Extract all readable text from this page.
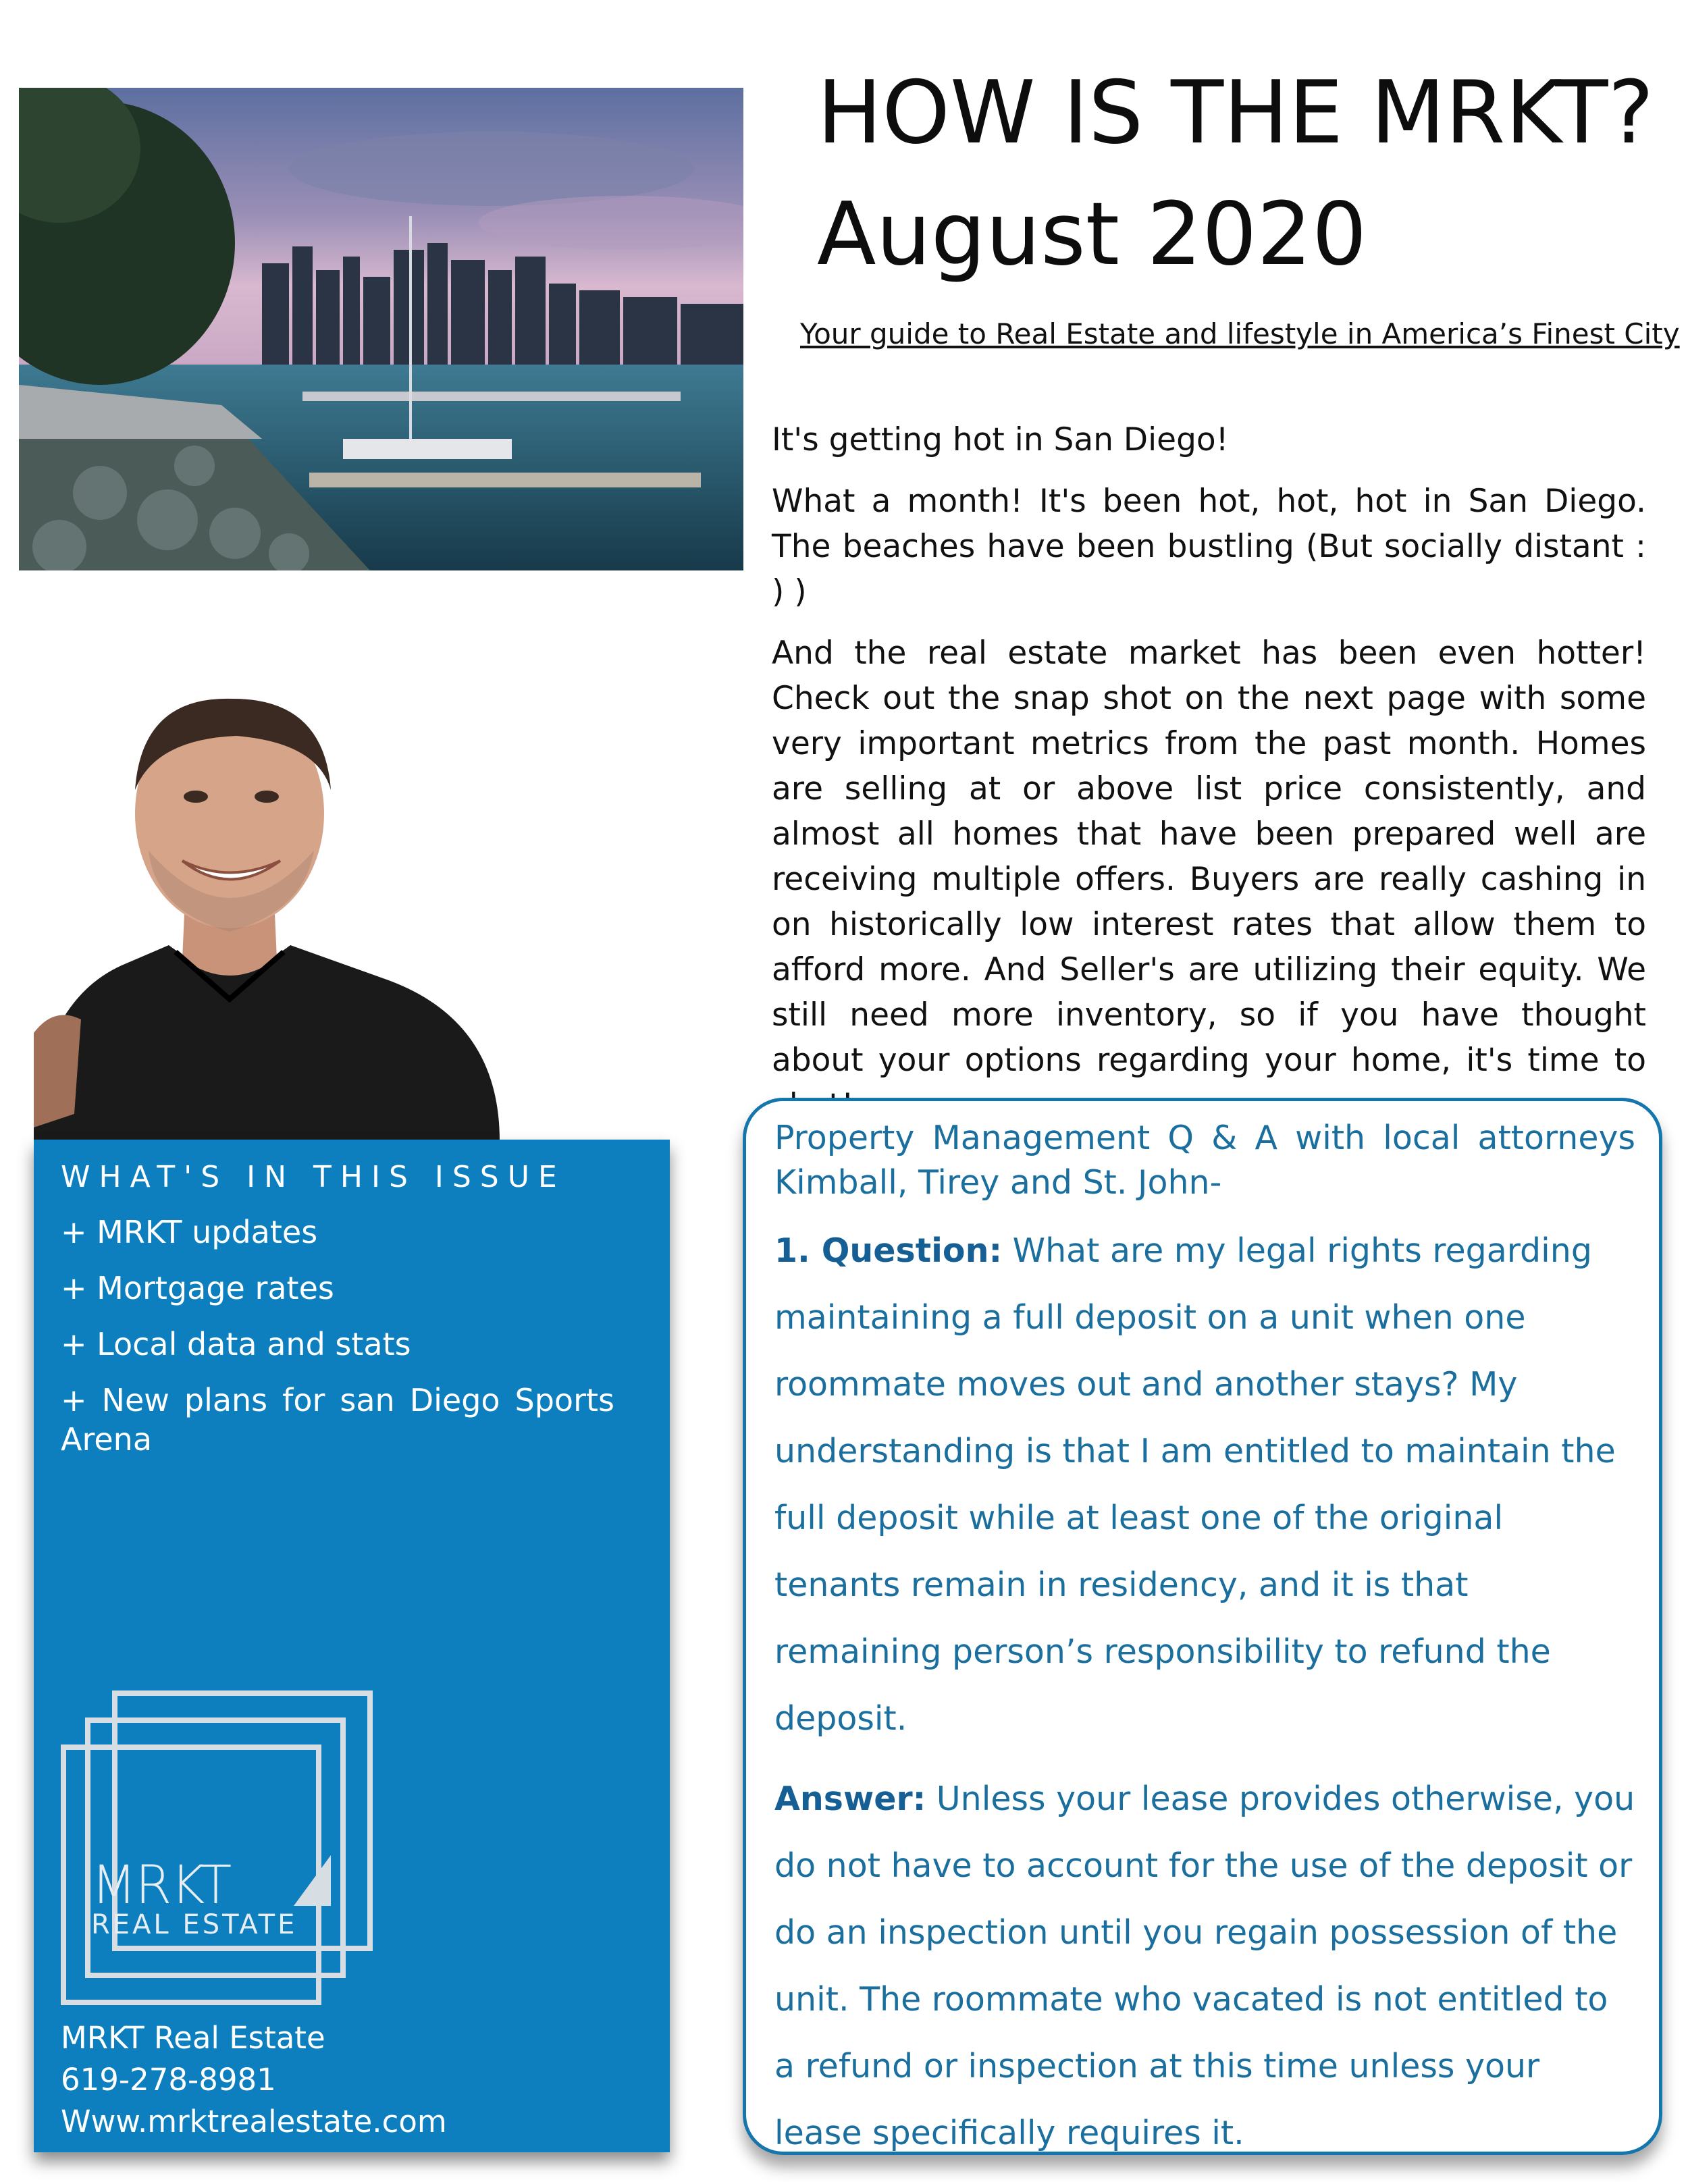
HOW IS THE MRKT?
August 2020
Your guide to Real Estate and lifestyle in America’s Finest City

It's getting hot in San Diego!

What a month! It's been hot, hot, hot in San Diego. The beaches have been bustling (But socially distant : ) )

And the real estate market has been even hotter! Check out the snap shot on the next page with some very important metrics from the past month. Homes are selling at or above list price consistently, and almost all homes that have been prepared well are receiving multiple offers. Buyers are really cashing in on historically low interest rates that allow them to afford more. And Seller's are utilizing their equity. We still need more inventory, so if you have thought about your options regarding your home, it's time to

WHAT'S IN THIS ISSUE
+ MRKT updates
+ Mortgage rates
+ Local data and stats
+ New plans for san Diego Sports Arena
MRKT
REAL ESTATE
MRKT Real Estate
619-278-8981
Www.mrktrealestate.com
Property Management Q & A with local attorneys Kimball, Tirey and St. John-

1. Question: What are my legal rights regarding maintaining a full deposit on a unit when one roommate moves out and another stays? My understanding is that I am entitled to maintain the full deposit while at least one of the original tenants remain in residency, and it is that remaining person’s responsibility to refund the deposit.

Answer: Unless your lease provides otherwise, you do not have to account for the use of the deposit or do an inspection until you regain possession of the unit. The roommate who vacated is not entitled to a refund or inspection at this time unless your lease specifically requires it.
